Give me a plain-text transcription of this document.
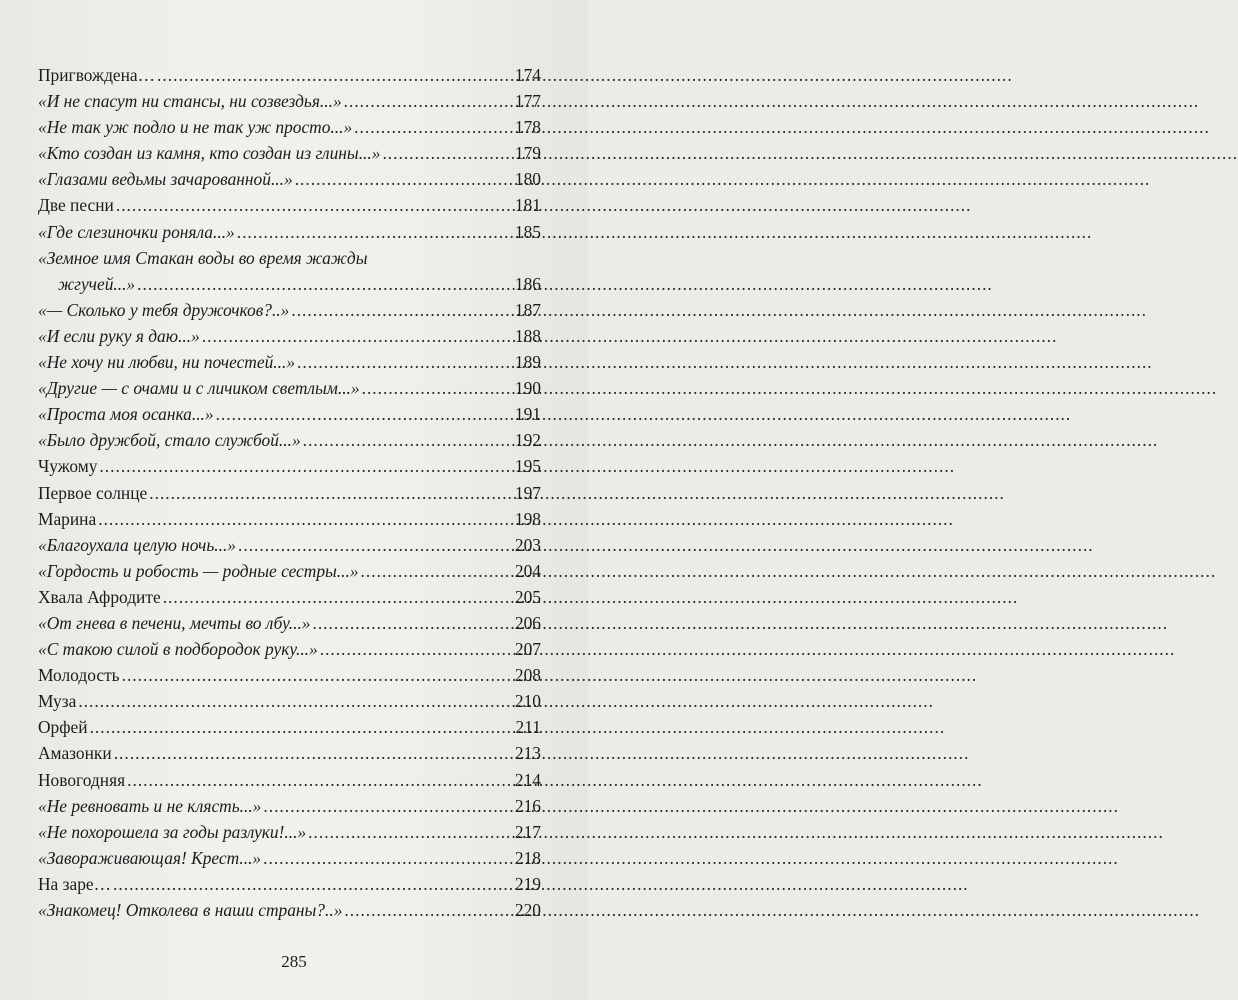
Пригвождена… .....	174
«И не спасут ни стансы, ни созвездья...» .....	177
«Не так уж подло и не так уж просто...» .....	178
«Кто создан из камня, кто создан из глины...» .....	179
«Глазами ведьмы зачарованной...» .....	180
Две песни .....	181
«Где слезиночки роняла...» .....	185
«Земное имя Стакан воды во время жажды
жгучей...» .....	186
«— Сколько у тебя дружочков?..» .....	187
«И если руку я даю...» .....	188
«Не хочу ни любви, ни почестей...» .....	189
«Другие — с очами и с личиком светлым...» .....	190
«Проста моя осанка...» .....	191
«Было дружбой, стало службой...» .....	192
Чужому .....	195
Первое солнце .....	197
Марина .....	198
«Благоухала целую ночь...» .....	203
«Гордость и робость — родные сестры...» .....	204
Хвала Афродите .....	205
«От гнева в печени, мечты во лбу...» .....	206
«С такою силой в подбородок руку...» .....	207
Молодость .....	208
Муза .....	210
Орфей .....	211
Амазонки .....	213
Новогодняя .....	214
«Не ревновать и не клясть...» .....	216
«Не похорошела за годы разлуки!...» .....	217
«Завораживающая! Крест...» .....	218
На заре… .....	219
«Знакомец! Отколева в наши страны?..» .....	220
285
